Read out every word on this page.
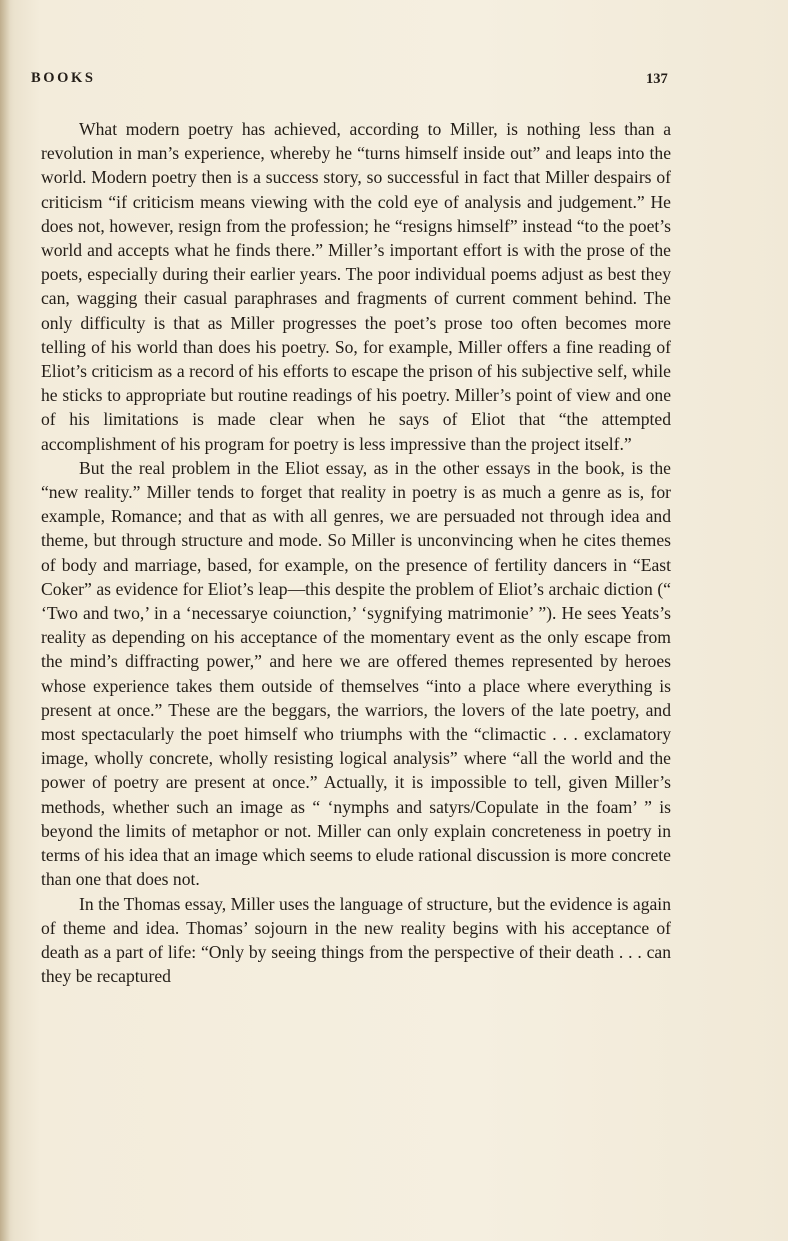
BOOKS	137

What modern poetry has achieved, according to Miller, is nothing less than a revolution in man’s experience, whereby he “turns himself inside out” and leaps into the world. Modern poetry then is a success story, so successful in fact that Miller despairs of criticism “if criticism means viewing with the cold eye of analysis and judgement.” He does not, however, resign from the profession; he “resigns himself” instead “to the poet’s world and accepts what he finds there.” Miller’s important effort is with the prose of the poets, especially during their earlier years. The poor individual poems adjust as best they can, wagging their casual paraphrases and fragments of current comment behind. The only difficulty is that as Miller progresses the poet’s prose too often becomes more telling of his world than does his poetry. So, for example, Miller offers a fine reading of Eliot’s criticism as a record of his efforts to escape the prison of his subjective self, while he sticks to appropriate but routine readings of his poetry. Miller’s point of view and one of his limitations is made clear when he says of Eliot that “the attempted accomplishment of his program for poetry is less impressive than the project itself.”

But the real problem in the Eliot essay, as in the other essays in the book, is the “new reality.” Miller tends to forget that reality in poetry is as much a genre as is, for example, Romance; and that as with all genres, we are persuaded not through idea and theme, but through structure and mode. So Miller is unconvincing when he cites themes of body and marriage, based, for example, on the presence of fertility dancers in “East Coker” as evidence for Eliot’s leap—this despite the problem of Eliot’s archaic diction (“ ‘Two and two,’ in a ‘necessarye coiunction,’ ‘sygnifying matrimonie’ ”). He sees Yeats’s reality as depending on his acceptance of the momentary event as the only escape from the mind’s diffracting power,” and here we are offered themes represented by heroes whose experience takes them outside of themselves “into a place where everything is present at once.” These are the beggars, the warriors, the lovers of the late poetry, and most spectacularly the poet himself who triumphs with the “climactic . . . exclamatory image, wholly concrete, wholly resisting logical analysis” where “all the world and the power of poetry are present at once.” Actually, it is impossible to tell, given Miller’s methods, whether such an image as “ ‘nymphs and satyrs/Copulate in the foam’ ” is beyond the limits of metaphor or not. Miller can only explain concreteness in poetry in terms of his idea that an image which seems to elude rational discussion is more concrete than one that does not.

In the Thomas essay, Miller uses the language of structure, but the evidence is again of theme and idea. Thomas’ sojourn in the new reality begins with his acceptance of death as a part of life: “Only by seeing things from the perspective of their death . . . can they be recaptured
